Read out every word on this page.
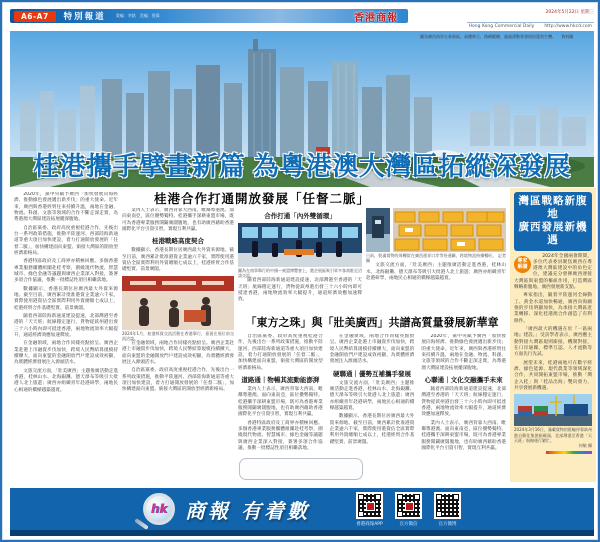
A6-A7	特別報道	責編：李銘　美編：張偉	香港商報	2024年5月22日 星期三
Hong Kong Commercial Daily	http://www.hkcd.com
圖為廣西南寧五象新區。高樓林立、路網縱橫，處處湧動着發展的蓬勃生機。 資料圖
桂港攜手擘畫新篇 為粵港澳大灣區拓縱深發展

2020年，黨中央賦予廣西「加快發展向海經濟、推動綠色發展邁出新步伐」的重大使命。近年來，廣西與香港經貿往來持續升溫，兩地在金融、物流、科創、文旅等領域的合作不斷走深走實，為粵港澳大灣區建設拓展縱深腹地。

自治區黨委、政府高度重視桂港合作，先後出台一系列政策措施，推動平陸運河、西部陸海新通道等重大項目加快建設，着力打通開放發展的「任督二脈」，加快構建面向東盟、銜接大灣區的開放型經濟新格局。

香港特區政府及工商界亦積極回應。多個香港專業服務團體組團赴桂考察，圍繞現代物流、智慧城市、綠色金融等議題與廣西企業深入對接，簽署多項合作協議，推動一批標誌性項目相繼落地。

數據顯示，香港長期位居廣西最大外資來源地。截至目前，廣西累計批准港資企業逾六千家，實際使用港資佔全區實際利用外資總額七成以上，桂港經貿合作基礎堅實、前景廣闊。

隨着西部陸海新通道建設提速，北部灣港至香港的「天天班」航線穩定運行，貨物從欽州港出發三十六小時內即可抵達香港，兩地物流效率大幅提升，通道經濟效應加速釋放。

在金融領域，兩地合作同樣亮點紛呈。廣西企業赴港上市融資步伐加快，跨境人民幣結算規模持續擴大，面向東盟的金融開放門戶建設成效初顯，為實體經濟發展注入源頭活水。

文旅交流方面，「壯美廣西」主題推廣活動走進香港，桂林山水、北海銀灘、德天瀑布等吸引大批港人北上旅遊；廣西亦組織青年赴港研學，兩地民心相通的橋樑越築越寬。

桂港合作打通開放發展「任督二脈」

業內人士表示，廣西背靠大西南、毗鄰粵港澳、面向東南亞，區位優勢獨特。桂港攜手深耕東盟市場，既可為香港專業服務開闢廣闊腹地，也有助廣西藉助香港國際化平台引資引智，實現互利共贏。

桂港戰略高度契合

數據顯示，香港長期位居廣西最大外資來源地。截至目前，廣西累計批准港資企業逾六千家，實際使用港資佔全區實際利用外資總額七成以上，桂港經貿合作基礎堅實、前景廣闊。

2024年1月，桂港經貿交流活動在香港舉行，嘉賓在展位前交流洽談。

在金融領域，兩地合作同樣亮點紛呈。廣西企業赴港上市融資步伐加快，跨境人民幣結算規模持續擴大，面向東盟的金融開放門戶建設成效初顯，為實體經濟發展注入源頭活水。

自治區黨委、政府高度重視桂港合作，先後出台一系列政策措施，推動平陸運河、西部陸海新通道等重大項目加快建設，着力打通開放發展的「任督二脈」，加快構建面向東盟、銜接大灣區的開放型經濟新格局。

合作打通「內外雙循環」
圖為在南寧舉行的中國—東盟博覽會上，港企展區吸引眾多客商駐足洽談交流。

隨着西部陸海新通道建設提速，北部灣港至香港的「天天班」航線穩定運行，貨物從欽州港出發三十六小時內即可抵達香港，兩地物流效率大幅提升，通道經濟效應加速釋放。

日前，裝滿貨物的周轉筐在廣西憑祥口岸等待通關，跨境物流持續暢旺。 記者 攝

文旅交流方面，「壯美廣西」主題推廣活動走進香港，桂林山水、北海銀灘、德天瀑布等吸引大批港人北上旅遊；廣西亦組織青年赴港研學，兩地民心相通的橋樑越築越寬。

「東方之珠」與「壯美廣西」共譜高質量發展新華章

自治區黨委、政府高度重視桂港合作，先後出台一系列政策措施，推動平陸運河、西部陸海新通道等重大項目加快建設，着力打通開放發展的「任督二脈」，加快構建面向東盟、銜接大灣區的開放型經濟新格局。

道路通｜物暢其流動能澎湃

業內人士表示，廣西背靠大西南、毗鄰粵港澳、面向東南亞，區位優勢獨特。桂港攜手深耕東盟市場，既可為香港專業服務開闢廣闊腹地，也有助廣西藉助香港國際化平台引資引智，實現互利共贏。

香港特區政府及工商界亦積極回應。多個香港專業服務團體組團赴桂考察，圍繞現代物流、智慧城市、綠色金融等議題與廣西企業深入對接，簽署多項合作協議，推動一批標誌性項目相繼落地。

在金融領域，兩地合作同樣亮點紛呈。廣西企業赴港上市融資步伐加快，跨境人民幣結算規模持續擴大，面向東盟的金融開放門戶建設成效初顯，為實體經濟發展注入源頭活水。

硬聯通｜優勢互補攜手發展

文旅交流方面，「壯美廣西」主題推廣活動走進香港，桂林山水、北海銀灘、德天瀑布等吸引大批港人北上旅遊；廣西亦組織青年赴港研學，兩地民心相通的橋樑越築越寬。

數據顯示，香港長期位居廣西最大外資來源地。截至目前，廣西累計批准港資企業逾六千家，實際使用港資佔全區實際利用外資總額七成以上，桂港經貿合作基礎堅實、前景廣闊。

2020年，黨中央賦予廣西「加快發展向海經濟、推動綠色發展邁出新步伐」的重大使命。近年來，廣西與香港經貿往來持續升溫，兩地在金融、物流、科創、文旅等領域的合作不斷走深走實，為粵港澳大灣區建設拓展縱深腹地。

心聯通｜文化交融攜手未來

隨着西部陸海新通道建設提速，北部灣港至香港的「天天班」航線穩定運行，貨物從欽州港出發三十六小時內即可抵達香港，兩地物流效率大幅提升，通道經濟效應加速釋放。

業內人士表示，廣西背靠大西南、毗鄰粵港澳、面向東南亞，區位優勢獨特。桂港攜手深耕東盟市場，既可為香港專業服務開闢廣闊腹地，也有助廣西藉助香港國際化平台引資引智，實現互利共贏。

灣區戰略新腹地
廣西發展新機遇
專家
解讀

2024年全國兩會期間，多位代表委員聚焦廣西在粵港澳大灣區建設中的角色定位，建議充分發揮廣西連接大灣區與東盟的樞紐作用，打造灣區戰略新腹地、廣西發展新支點。

專家指出，隨着平陸運河全線動工、黃金水道加快暢通，廣西向海圖強的步伐明顯加快，為承接大灣區產業轉移、深化桂港澳合作創造了有利條件。

「廣西最大的機遇在於『一區兩地』建設。」受訪學者表示，廣西應主動對接大灣區規則銜接、機制對接，在口岸通關、標準互認、人才流動等方面先行先試。

展望未來，桂港兩地可在數字經濟、綠色能源、現代農業等領域深化合作，共同開拓東盟市場，推動「灣企入桂」與「桂品出海」雙向發力，共享發展新機遇。

2024年3月16日，滿載貨物的班輪停靠欽州港自動化集裝箱碼頭，北部灣港至香港「天天班」航線運行繁忙。
何敏 攝
hk 商報 有着數
香港商報APP	官方微信	官方微博
